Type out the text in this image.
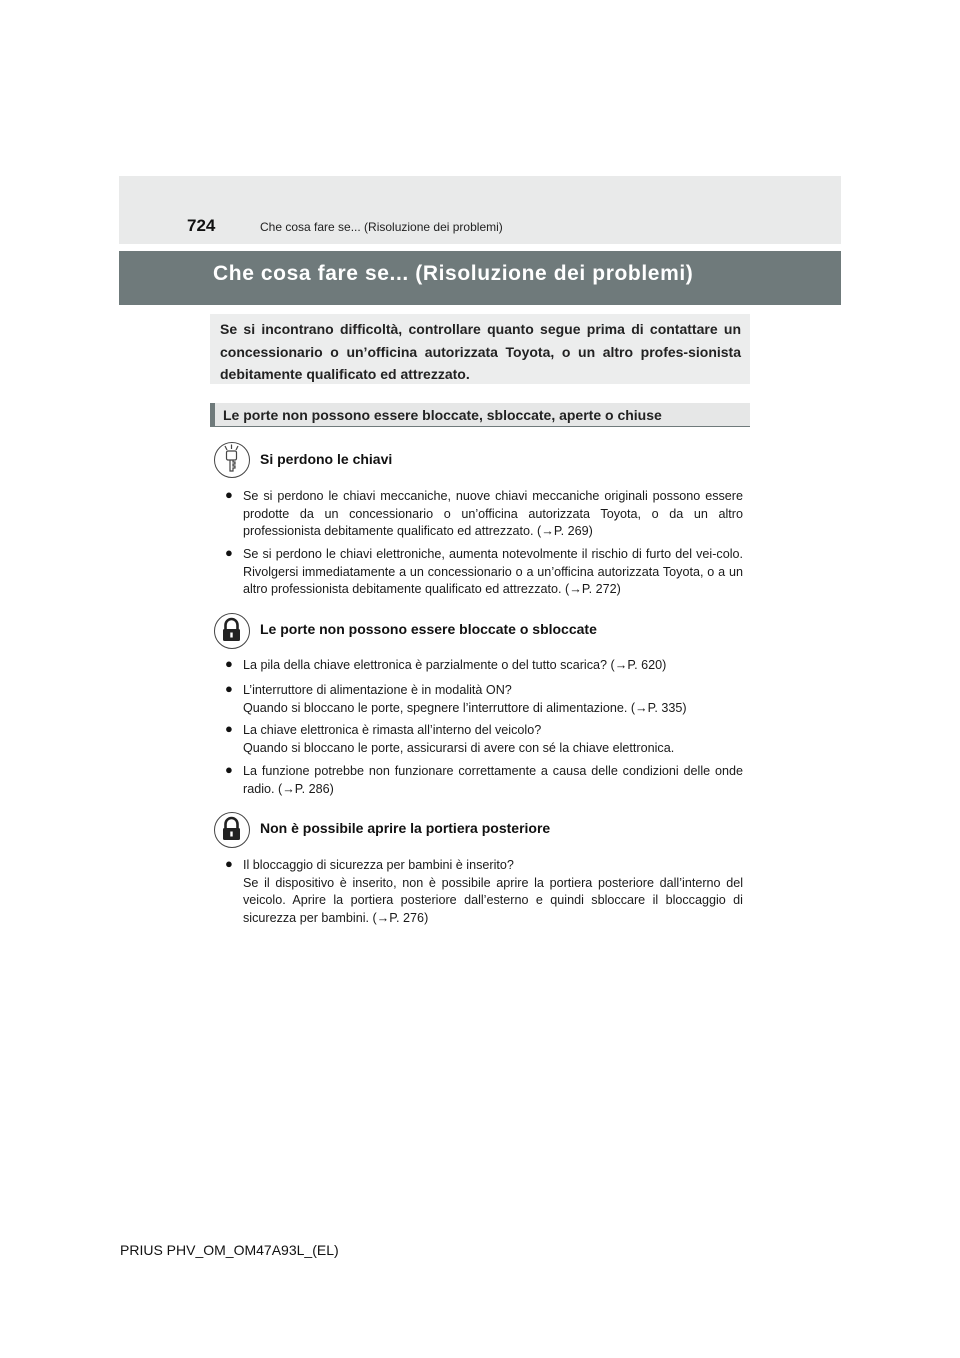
724	Che cosa fare se... (Risoluzione dei problemi)
Che cosa fare se... (Risoluzione dei problemi)
Se si incontrano difficoltà, controllare quanto segue prima di contattare un concessionario o un’officina autorizzata Toyota, o un altro profes-sionista debitamente qualificato ed attrezzato.
Le porte non possono essere bloccate, sbloccate, aperte o chiuse
Si perdono le chiavi
● Se si perdono le chiavi meccaniche, nuove chiavi meccaniche originali possono essere prodotte da un concessionario o un’officina autorizzata Toyota, o da un altro professionista debitamente qualificato ed attrezzato. (→P. 269)
● Se si perdono le chiavi elettroniche, aumenta notevolmente il rischio di furto del vei-colo. Rivolgersi immediatamente a un concessionario o a un’officina autorizzata Toyota, o a un altro professionista debitamente qualificato ed attrezzato. (→P. 272)
Le porte non possono essere bloccate o sbloccate
● La pila della chiave elettronica è parzialmente o del tutto scarica? (→P. 620)
● L’interruttore di alimentazione è in modalità ON?
Quando si bloccano le porte, spegnere l’interruttore di alimentazione. (→P. 335)
● La chiave elettronica è rimasta all’interno del veicolo?
Quando si bloccano le porte, assicurarsi di avere con sé la chiave elettronica.
● La funzione potrebbe non funzionare correttamente a causa delle condizioni delle onde radio. (→P. 286)
Non è possibile aprire la portiera posteriore
● Il bloccaggio di sicurezza per bambini è inserito?
Se il dispositivo è inserito, non è possibile aprire la portiera posteriore dall’interno del veicolo. Aprire la portiera posteriore dall’esterno e quindi sbloccare il bloccaggio di sicurezza per bambini. (→P. 276)
PRIUS PHV_OM_OM47A93L_(EL)
